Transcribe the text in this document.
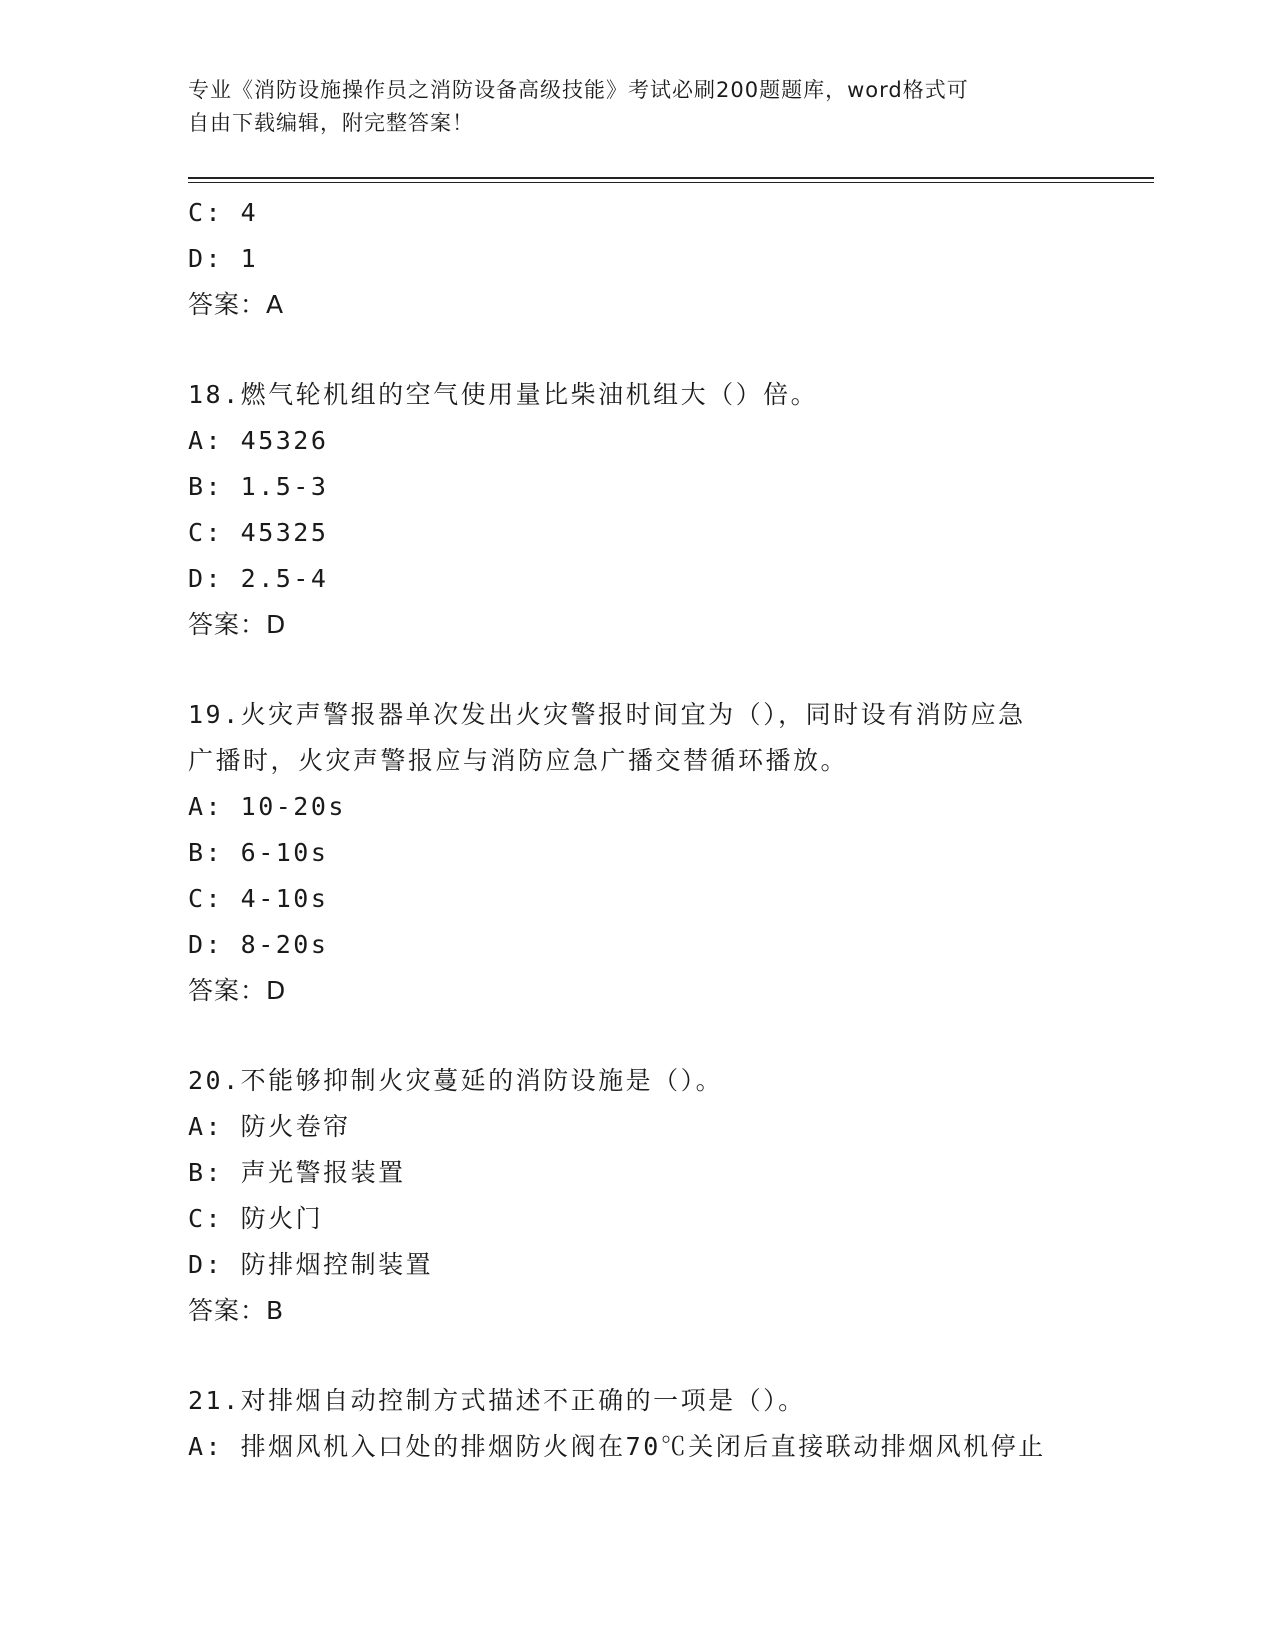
专业《消防设施操作员之消防设备高级技能》考试必刷200题题库，word格式可
自由下载编辑，附完整答案！
C: 4
D: 1
答案：A
18.燃气轮机组的空气使用量比柴油机组大（）倍。
A: 45326
B: 1.5-3
C: 45325
D: 2.5-4
答案：D
19.火灾声警报器单次发出火灾警报时间宜为（），同时设有消防应急
广播时，火灾声警报应与消防应急广播交替循环播放。
A: 10-20s
B: 6-10s
C: 4-10s
D: 8-20s
答案：D
20.不能够抑制火灾蔓延的消防设施是（）。
A: 防火卷帘
B: 声光警报装置
C: 防火门
D: 防排烟控制装置
答案：B
21.对排烟自动控制方式描述不正确的一项是（）。
A: 排烟风机入口处的排烟防火阀在70℃关闭后直接联动排烟风机停止
